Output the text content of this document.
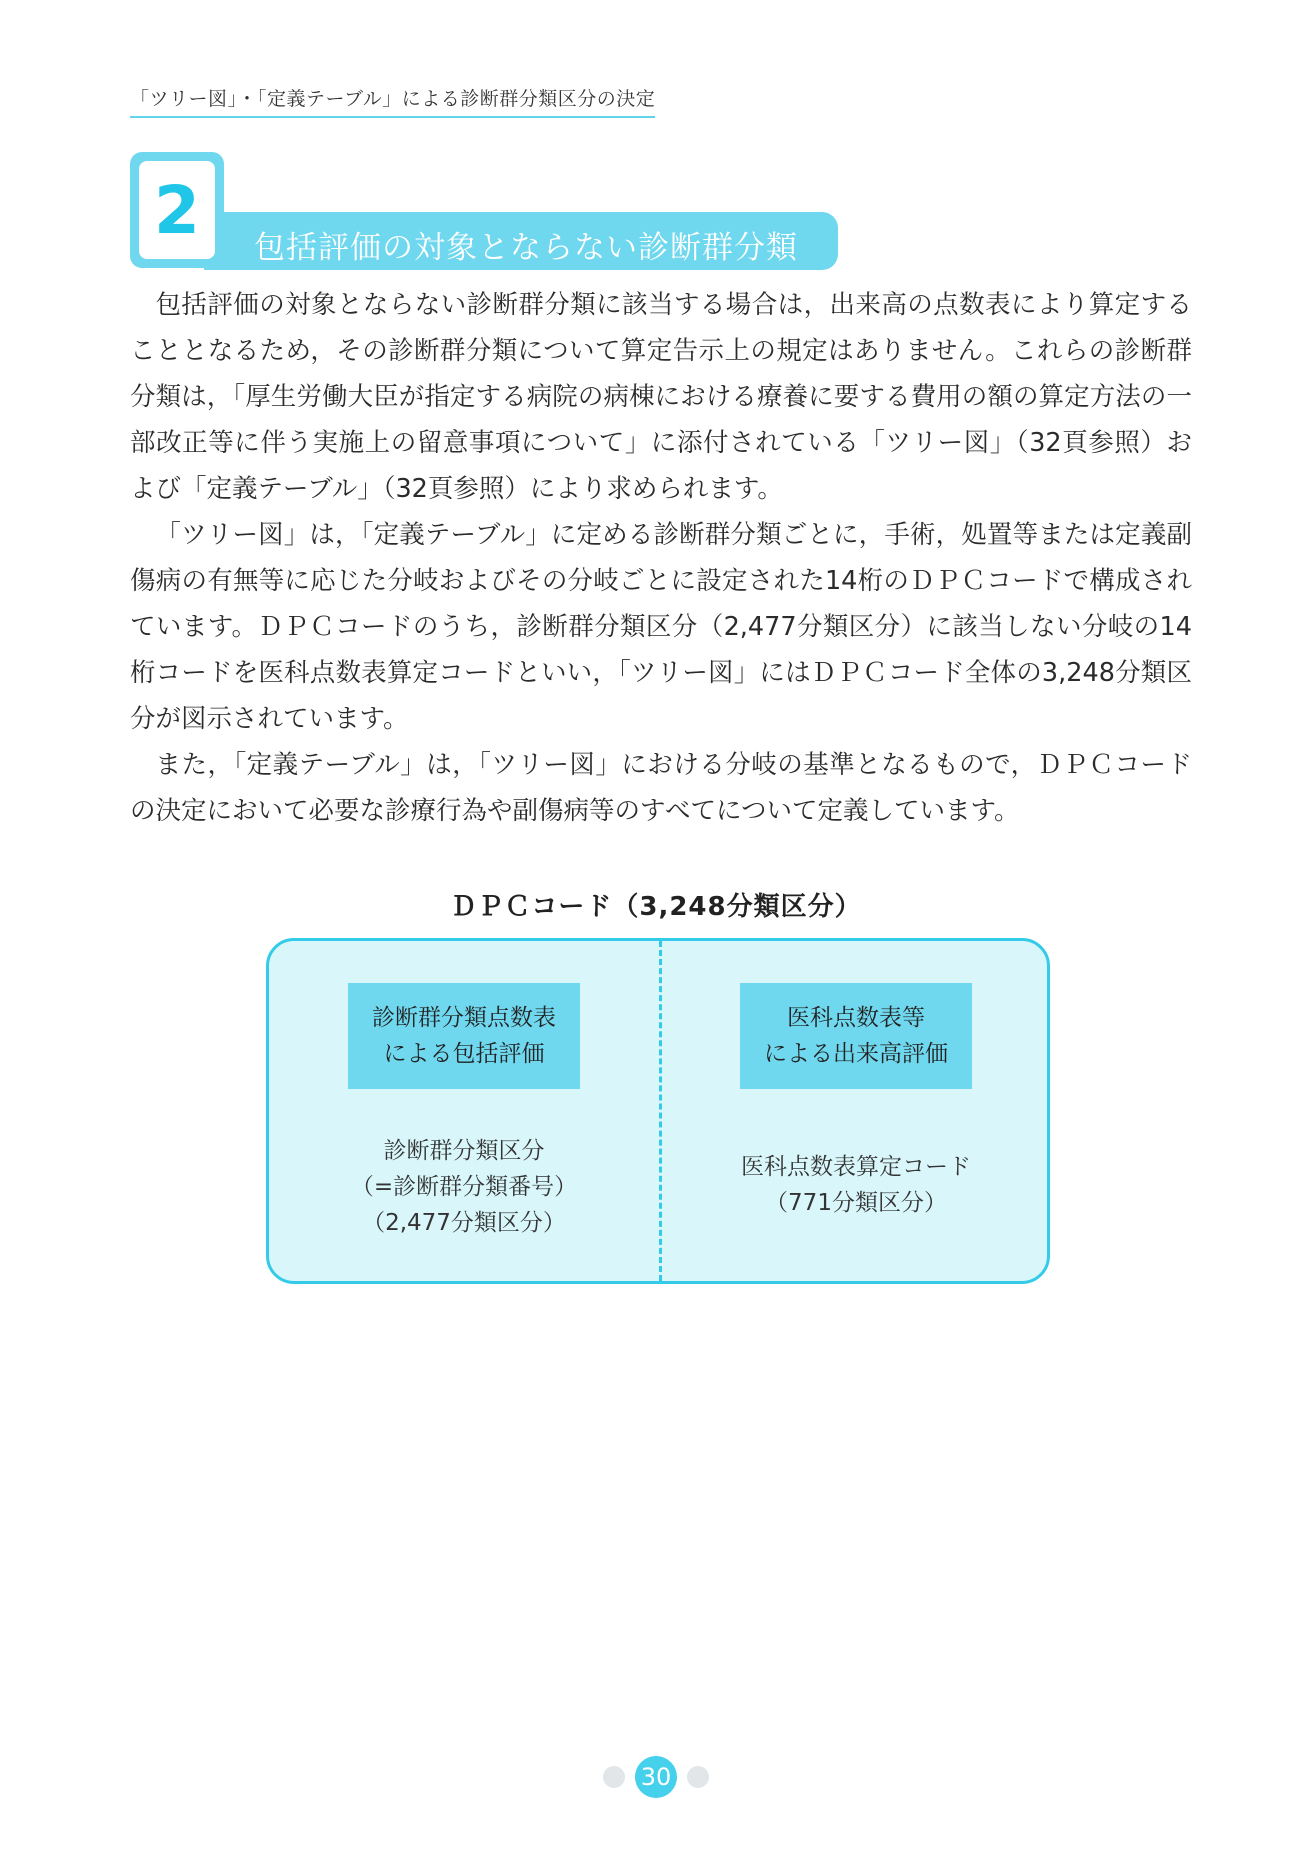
「ツリー図」・「定義テーブル」による診断群分類区分の決定
2	包括評価の対象とならない診断群分類

包括評価の対象とならない診断群分類に該当する場合は，出来高の点数表により算定することとなるため，その診断群分類について算定告示上の規定はありません。これらの診断群分類は，「厚生労働大臣が指定する病院の病棟における療養に要する費用の額の算定方法の一部改正等に伴う実施上の留意事項について」に添付されている「ツリー図」（32頁参照）および「定義テーブル」（32頁参照）により求められます。

「ツリー図」は，「定義テーブル」に定める診断群分類ごとに，手術，処置等または定義副傷病の有無等に応じた分岐およびその分岐ごとに設定された14桁のＤＰＣコードで構成されています。ＤＰＣコードのうち，診断群分類区分（2,477分類区分）に該当しない分岐の14桁コードを医科点数表算定コードといい，「ツリー図」にはＤＰＣコード全体の3,248分類区分が図示されています。

また，「定義テーブル」は，「ツリー図」における分岐の基準となるもので，ＤＰＣコードの決定において必要な診療行為や副傷病等のすべてについて定義しています。

ＤＰＣコード（3,248分類区分）
診断群分類点数表
による包括評価
診断群分類区分
（=診断群分類番号）
（2,477分類区分）
医科点数表等
による出来高評価
医科点数表算定コード
（771分類区分）
30
